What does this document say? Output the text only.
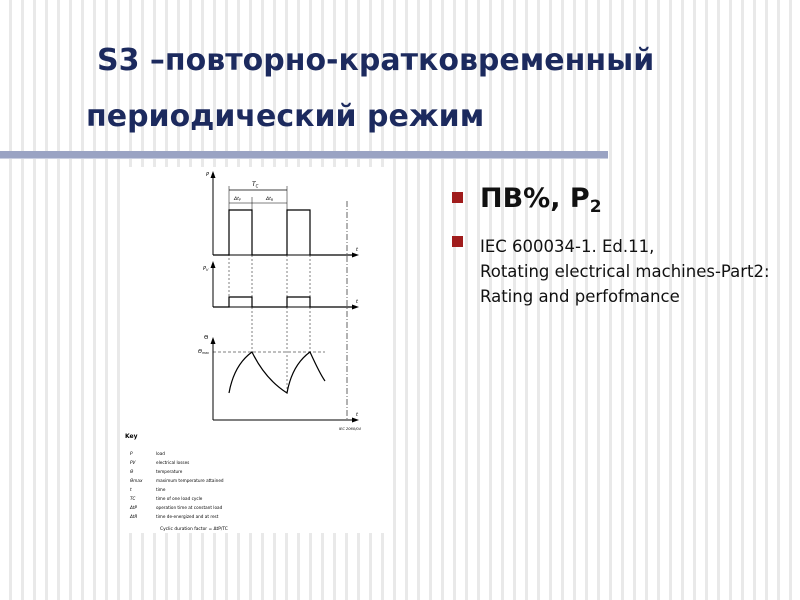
S3 –повторно-кратковременный
периодический режим
P
t
$T_C$
$\Delta t_P$	$\Delta t_R$
$P_V$
t
Θ
$\Theta_{max}$
t
IEC 2060/04
Key
P	load
PV	electrical losses
Θ	temperature
Θmax	maximum temperature attained
t	time
TC	time of one load cycle
ΔtP	operation time at constant load
ΔtR	time de-energized and at rest
Cyclic duration factor = ΔtP/TC
ПВ%, $P_2$
IEC 600034-1. Ed.11,
Rotating electrical machines-Part2: Rating and perfofmance
